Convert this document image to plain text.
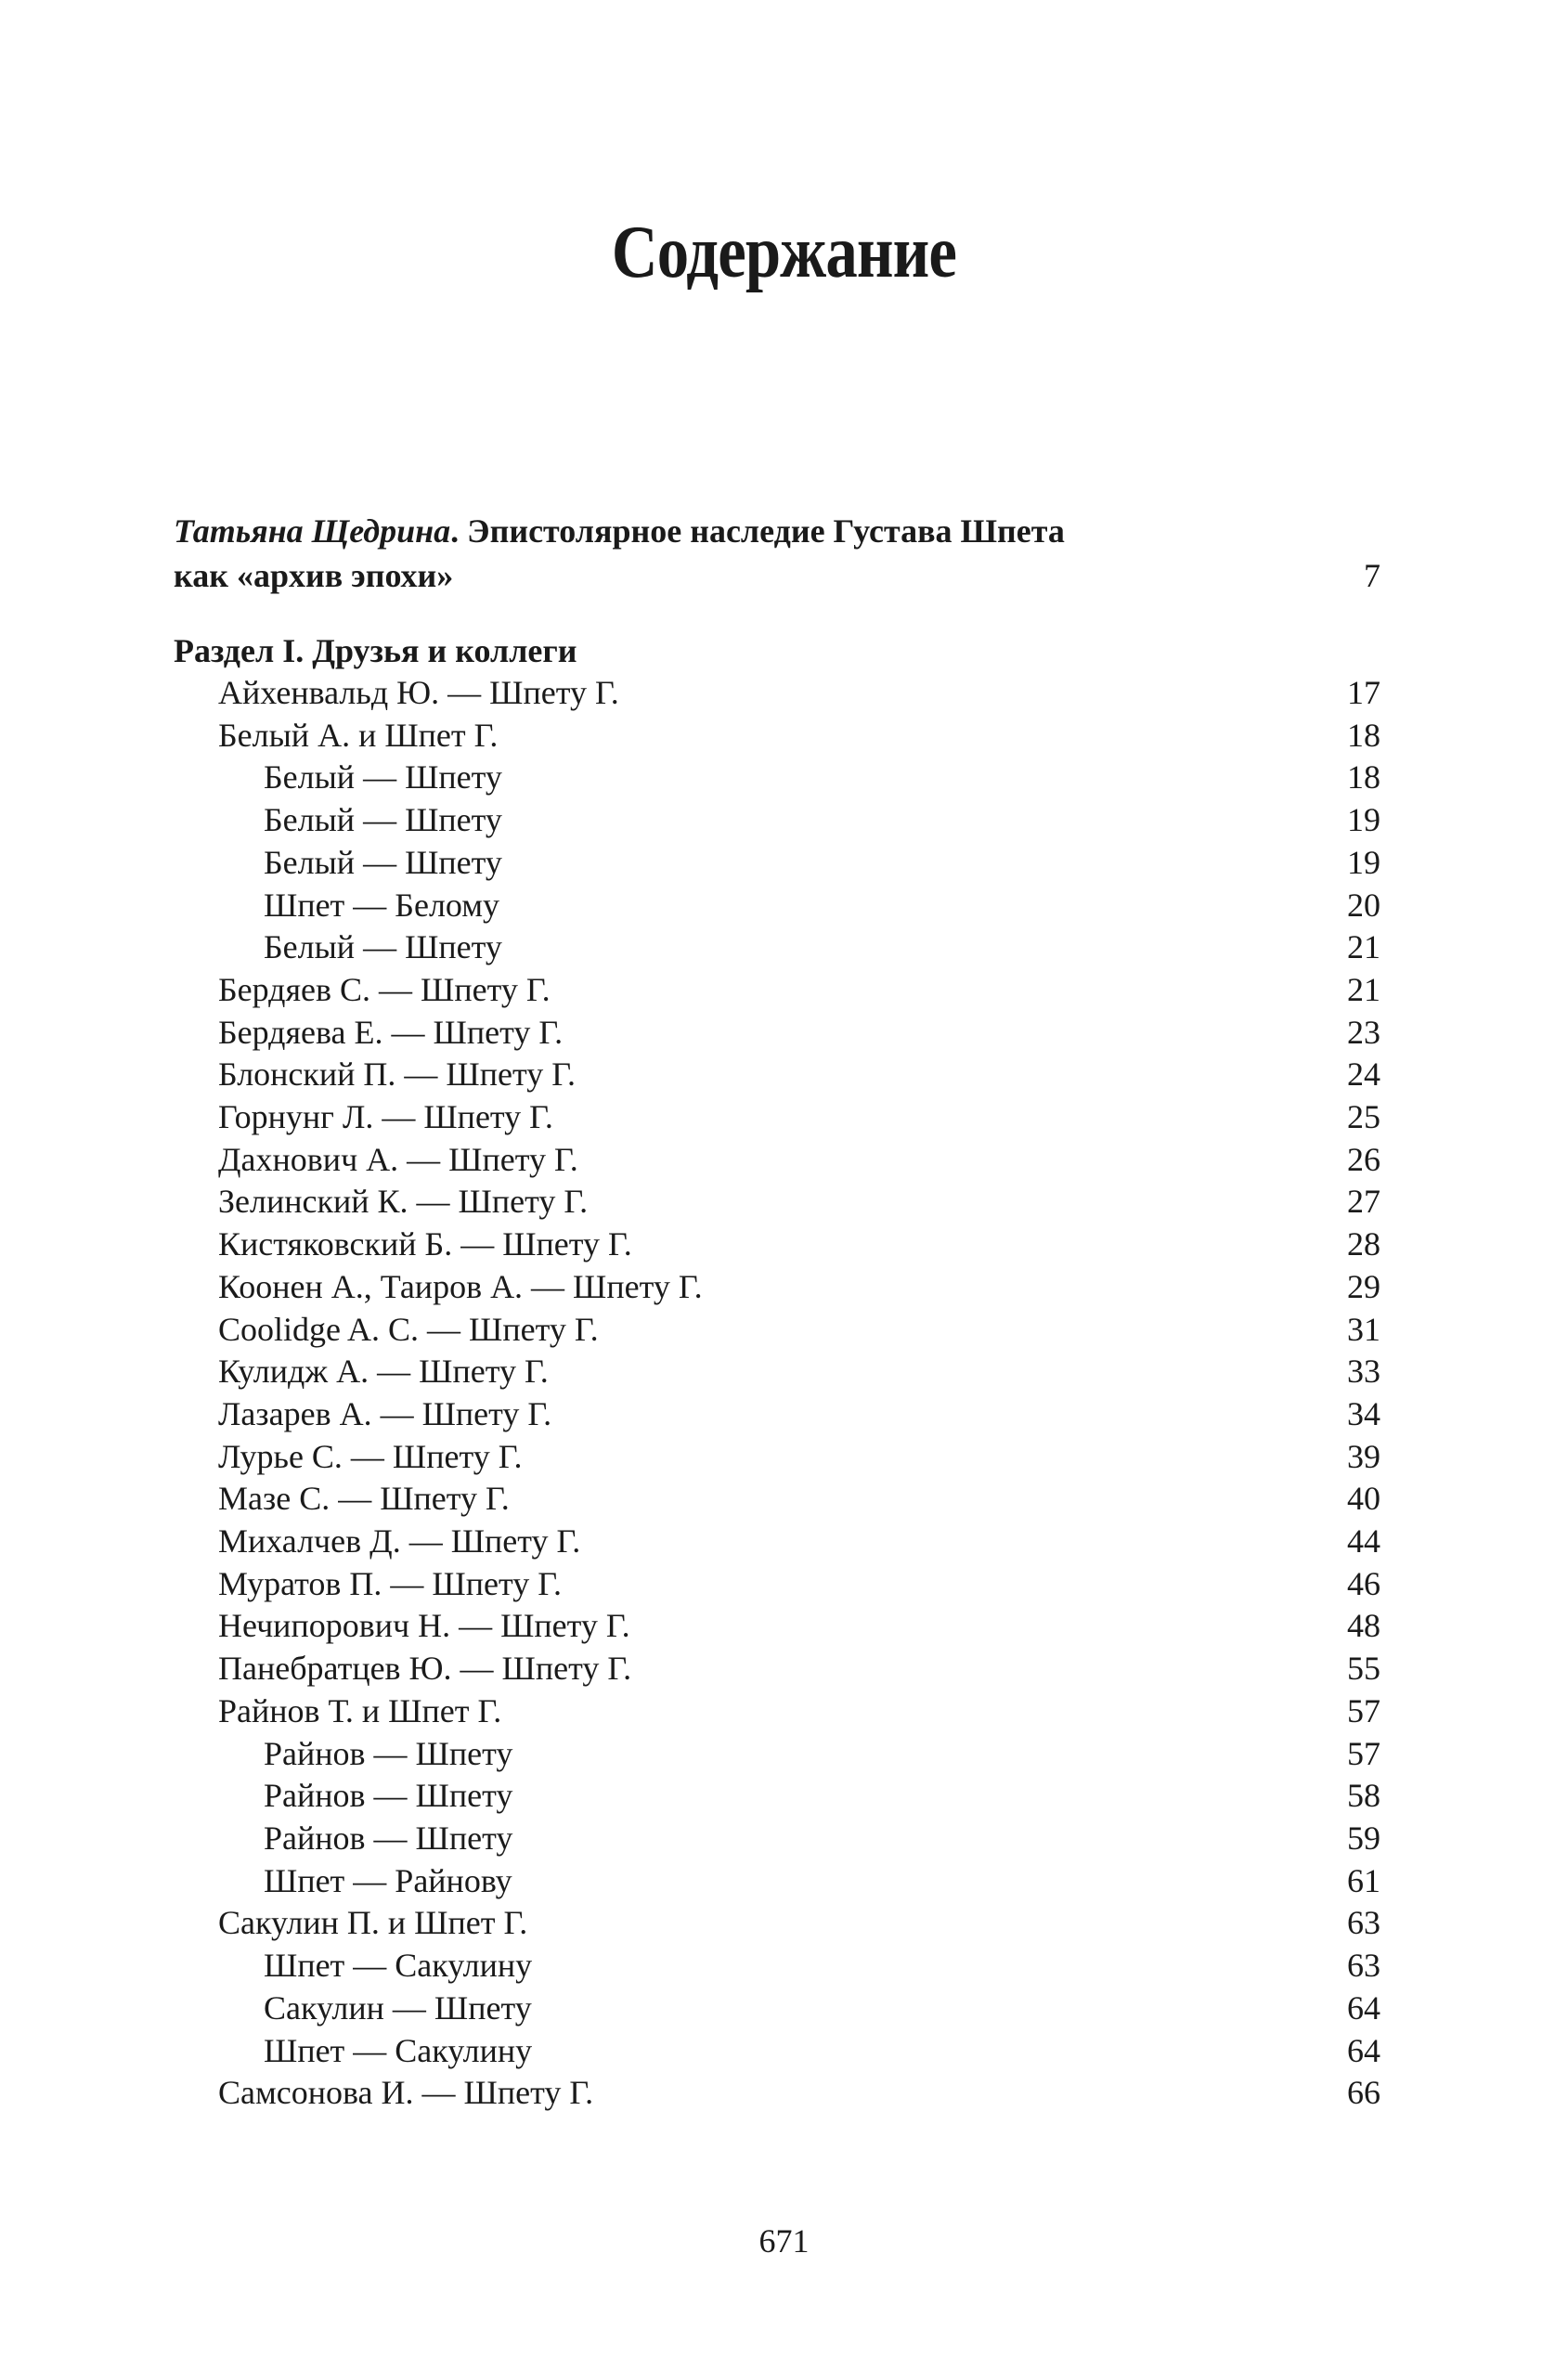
Содержание
Татьяна Щедрина. Эпистолярное наследие Густава Шпета
как «архив эпохи»	7
Раздел I. Друзья и коллеги
Айхенвальд Ю. — Шпету Г.	17
Белый А. и Шпет Г.	18
Белый — Шпету	18
Белый — Шпету	19
Белый — Шпету	19
Шпет — Белому	20
Белый — Шпету	21
Бердяев С. — Шпету Г.	21
Бердяева Е. — Шпету Г.	23
Блонский П. — Шпету Г.	24
Горнунг Л. — Шпету Г.	25
Дахнович А. — Шпету Г.	26
Зелинский К. — Шпету Г.	27
Кистяковский Б. — Шпету Г.	28
Коонен А., Таиров А. — Шпету Г.	29
Coolidge A. C. — Шпету Г.	31
Кулидж А. — Шпету Г.	33
Лазарев А. — Шпету Г.	34
Лурье С. — Шпету Г.	39
Мазе С. — Шпету Г.	40
Михалчев Д. — Шпету Г.	44
Муратов П. — Шпету Г.	46
Нечипорович Н. — Шпету Г.	48
Панебратцев Ю. — Шпету Г.	55
Райнов Т. и Шпет Г.	57
Райнов — Шпету	57
Райнов — Шпету	58
Райнов — Шпету	59
Шпет — Райнову	61
Сакулин П. и Шпет Г.	63
Шпет — Сакулину	63
Сакулин — Шпету	64
Шпет — Сакулину	64
Самсонова И. — Шпету Г.	66
671
